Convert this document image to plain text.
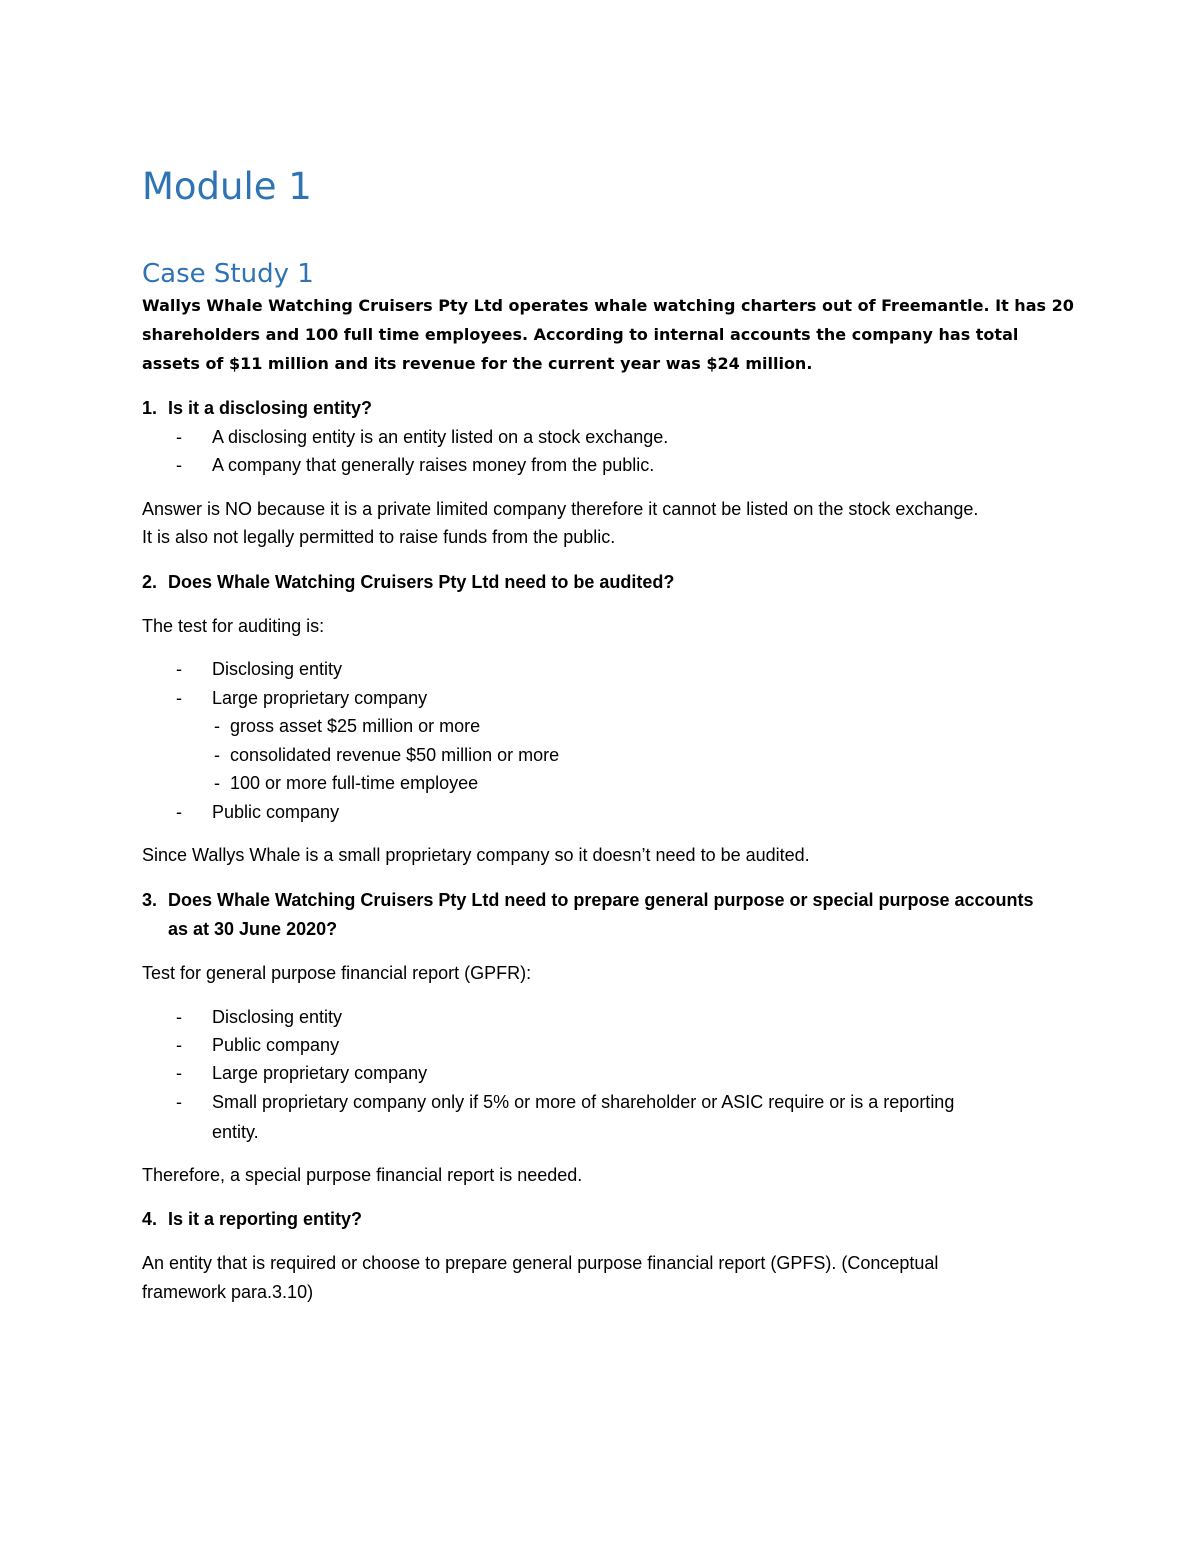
Module 1
Case Study 1
Wallys Whale Watching Cruisers Pty Ltd operates whale watching charters out of Freemantle. It has 20
shareholders and 100 full time employees. According to internal accounts the company has total
assets of $11 million and its revenue for the current year was $24 million.
1. Is it a disclosing entity?
- A disclosing entity is an entity listed on a stock exchange.
- A company that generally raises money from the public.
Answer is NO because it is a private limited company therefore it cannot be listed on the stock exchange.
It is also not legally permitted to raise funds from the public.
2. Does Whale Watching Cruisers Pty Ltd need to be audited?
The test for auditing is:
- Disclosing entity
- Large proprietary company
- gross asset $25 million or more
- consolidated revenue $50 million or more
- 100 or more full-time employee
- Public company
Since Wallys Whale is a small proprietary company so it doesn’t need to be audited.
3. Does Whale Watching Cruisers Pty Ltd need to prepare general purpose or special purpose accounts
as at 30 June 2020?
Test for general purpose financial report (GPFR):
- Disclosing entity
- Public company
- Large proprietary company
- Small proprietary company only if 5% or more of shareholder or ASIC require or is a reporting
entity.
Therefore, a special purpose financial report is needed.
4. Is it a reporting entity?
An entity that is required or choose to prepare general purpose financial report (GPFS). (Conceptual
framework para.3.10)
